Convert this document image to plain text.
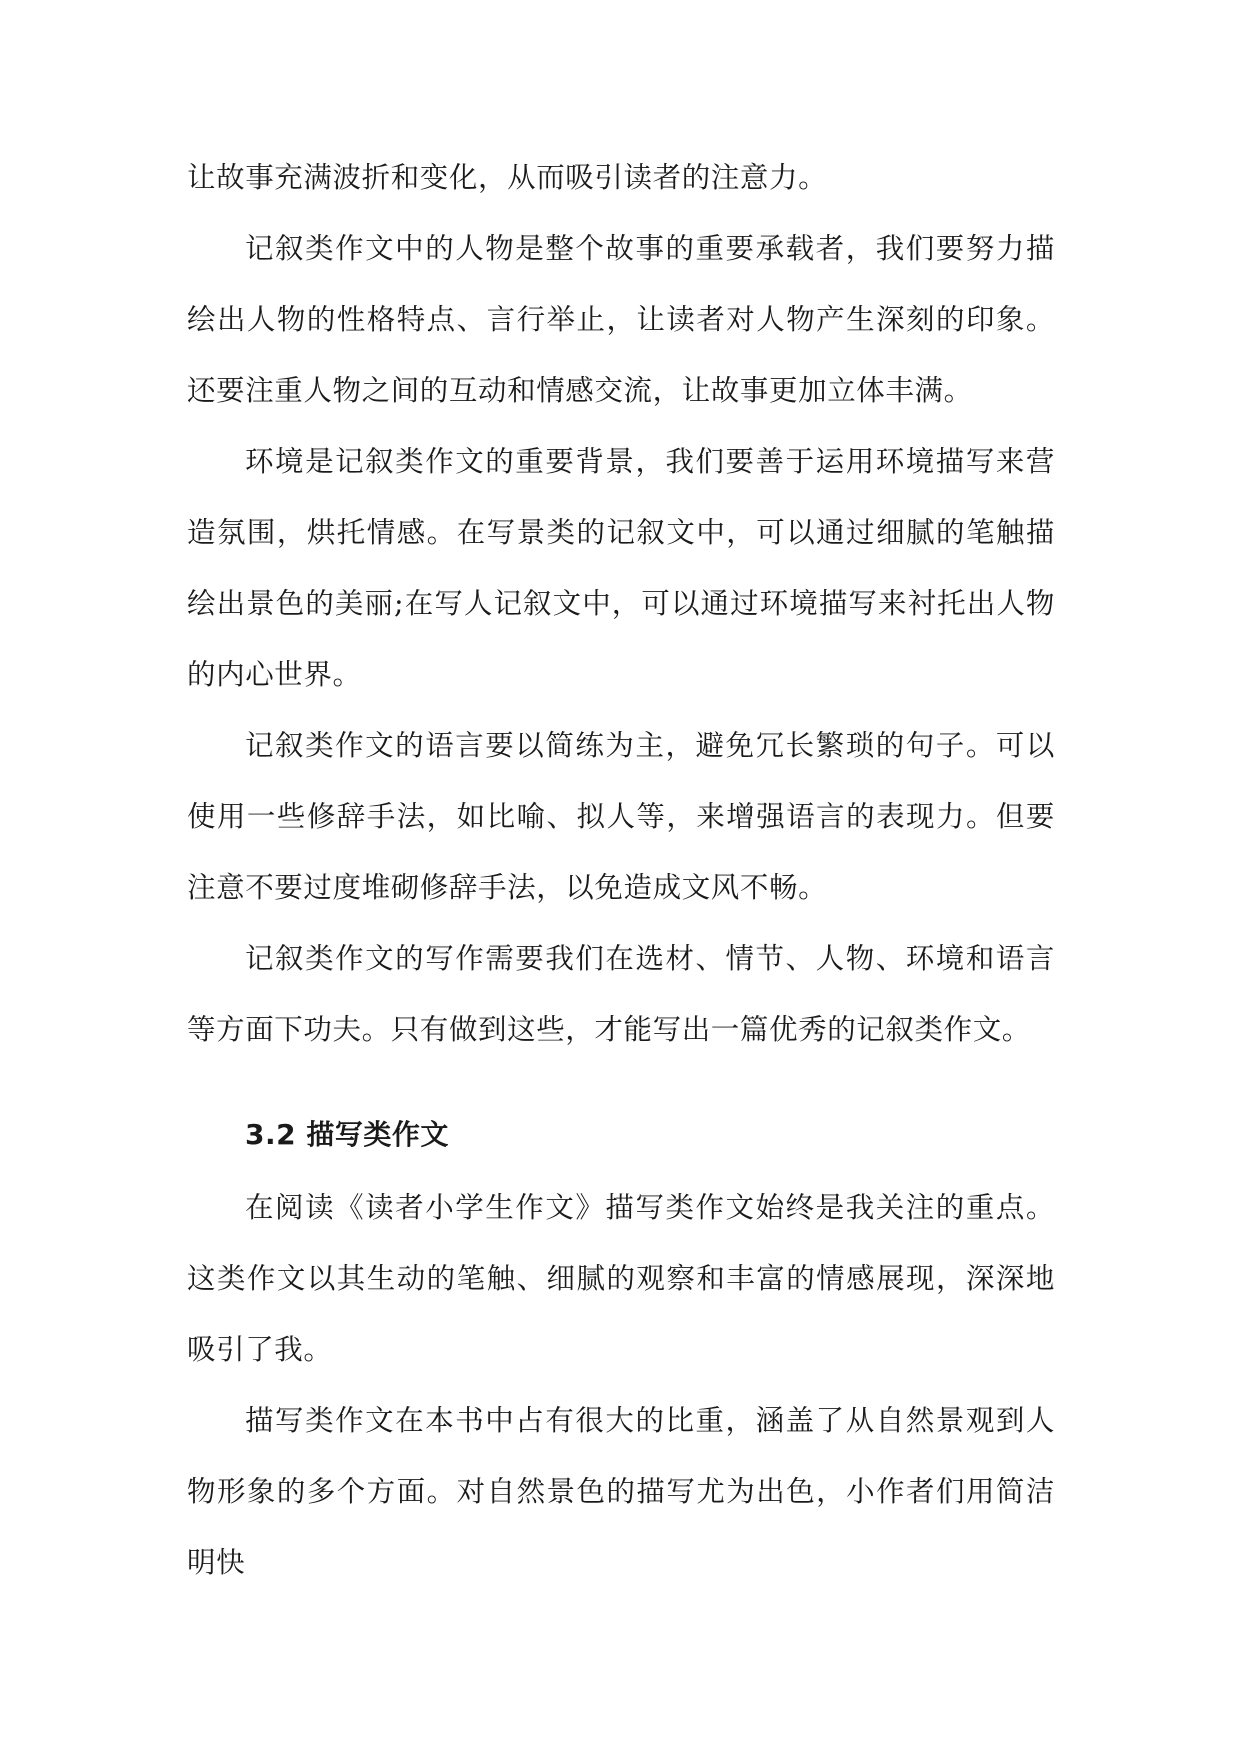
让故事充满波折和变化，从而吸引读者的注意力。

记叙类作文中的人物是整个故事的重要承载者，我们要努力描绘出人物的性格特点、言行举止，让读者对人物产生深刻的印象。还要注重人物之间的互动和情感交流，让故事更加立体丰满。

环境是记叙类作文的重要背景，我们要善于运用环境描写来营造氛围，烘托情感。在写景类的记叙文中，可以通过细腻的笔触描绘出景色的美丽;在写人记叙文中，可以通过环境描写来衬托出人物的内心世界。

记叙类作文的语言要以简练为主，避免冗长繁琐的句子。可以使用一些修辞手法，如比喻、拟人等，来增强语言的表现力。但要注意不要过度堆砌修辞手法，以免造成文风不畅。

记叙类作文的写作需要我们在选材、情节、人物、环境和语言等方面下功夫。只有做到这些，才能写出一篇优秀的记叙类作文。

3.2 描写类作文

在阅读《读者小学生作文》描写类作文始终是我关注的重点。这类作文以其生动的笔触、细腻的观察和丰富的情感展现，深深地吸引了我。

描写类作文在本书中占有很大的比重，涵盖了从自然景观到人物形象的多个方面。对自然景色的描写尤为出色，小作者们用简洁明快
